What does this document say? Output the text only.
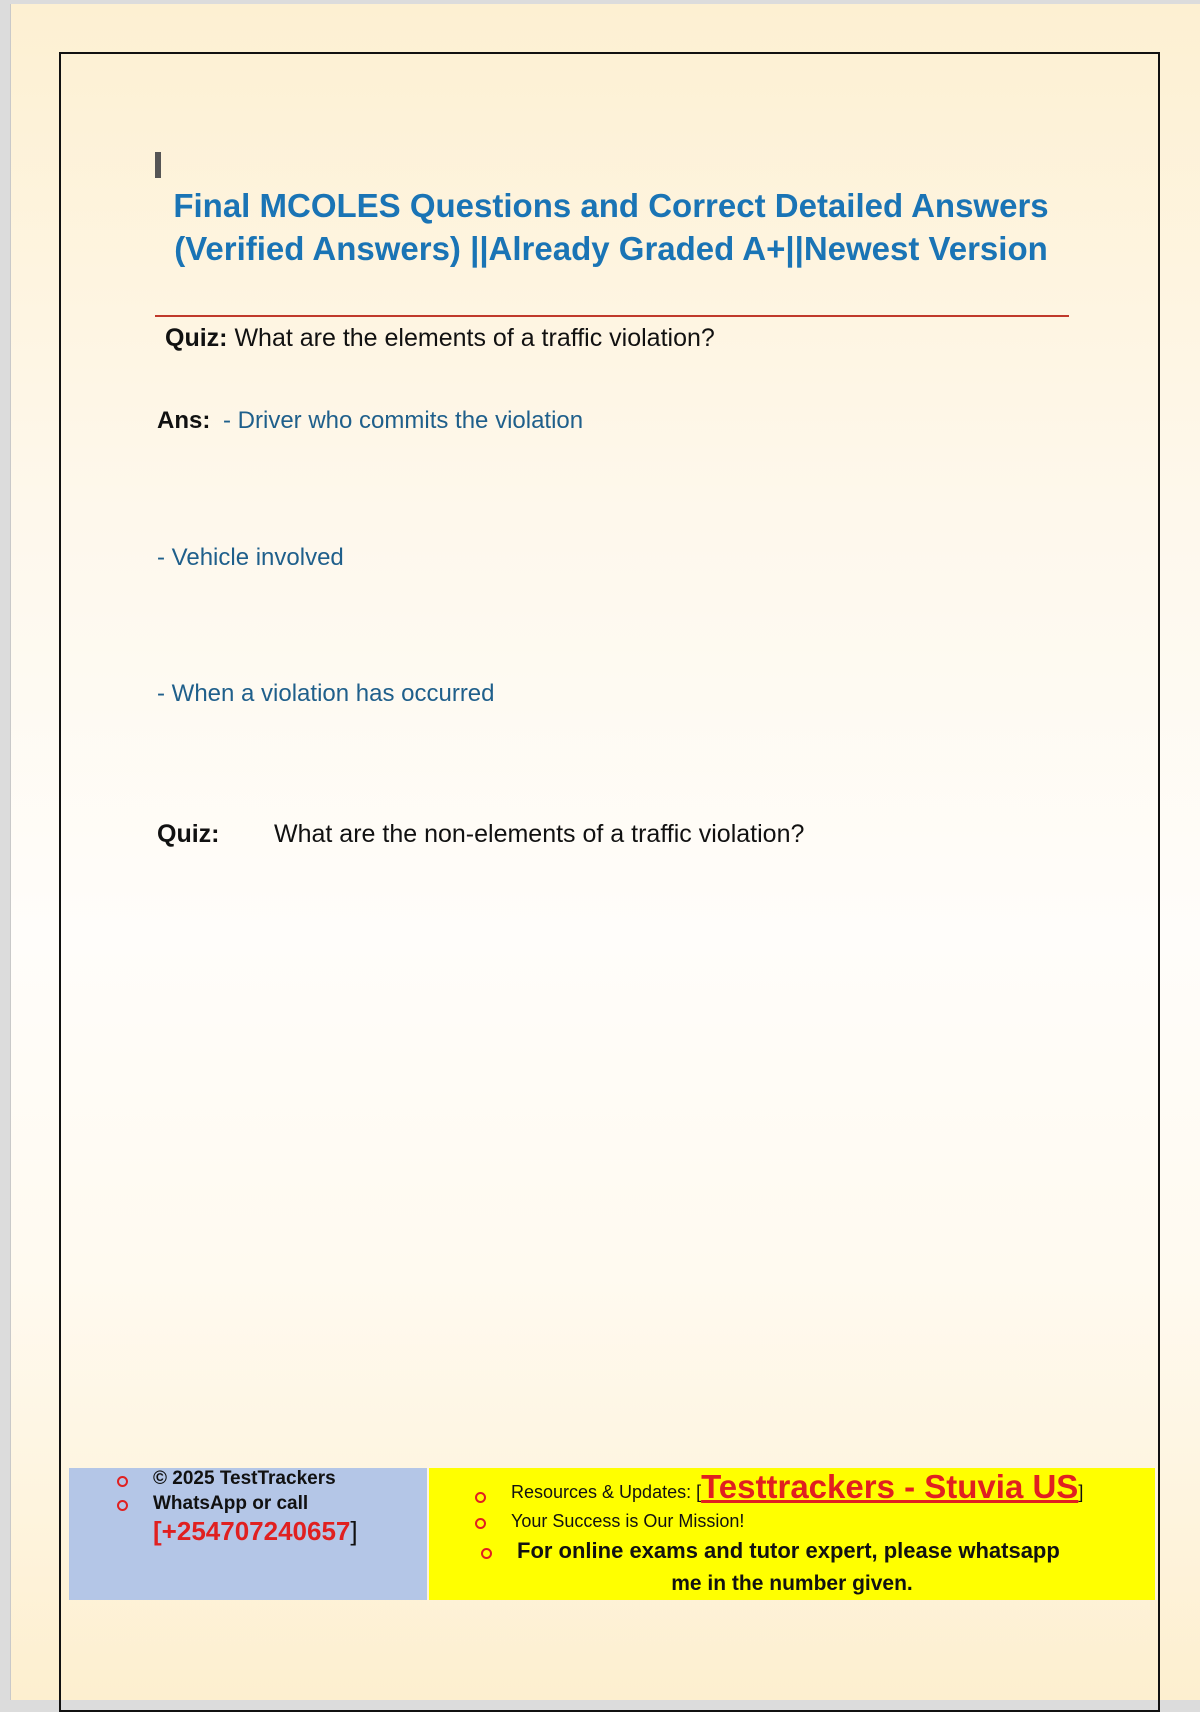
Final MCOLES Questions and Correct Detailed Answers (Verified Answers) ||Already Graded A+||Newest Version
Quiz: What are the elements of a traffic violation?
Ans: - Driver who commits the violation
- Vehicle involved
- When a violation has occurred
Quiz: What are the non-elements of a traffic violation?
© 2025 TestTrackers
WhatsApp or call
[+254707240657]
Resources & Updates: [Testtrackers - Stuvia US]
Your Success is Our Mission!
For online exams and tutor expert, please whatsapp
me in the number given.
